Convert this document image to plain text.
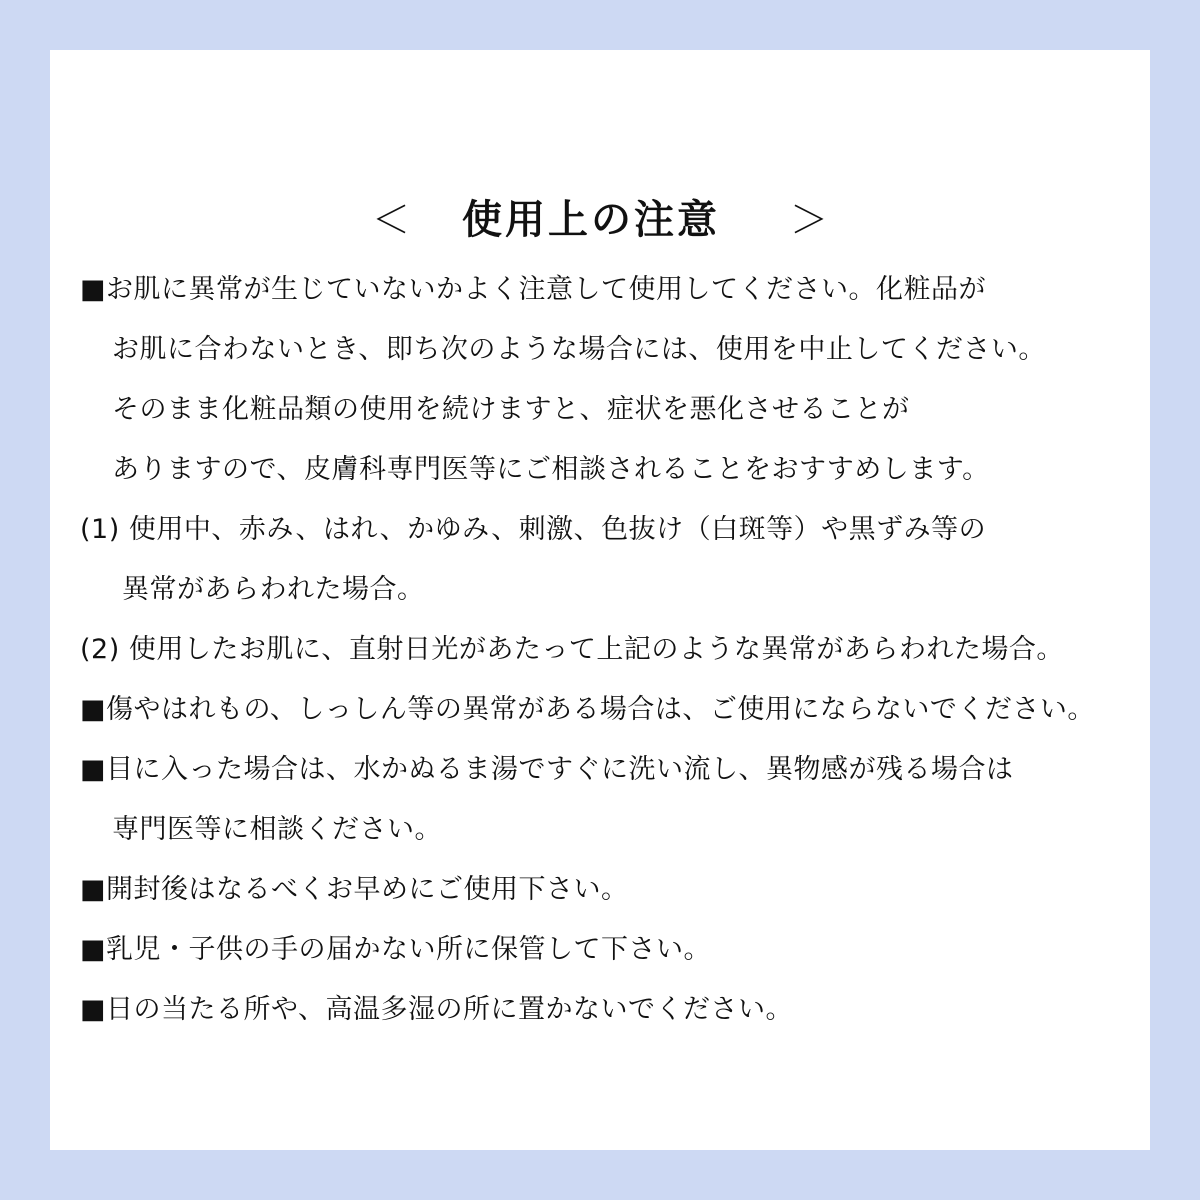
＜ 使用上の注意 ＞
■お肌に異常が生じていないかよく注意して使用してください。化粧品が
お肌に合わないとき、即ち次のような場合には、使用を中止してください。
そのまま化粧品類の使用を続けますと、症状を悪化させることが
ありますので、皮膚科専門医等にご相談されることをおすすめします。
(1) 使用中、赤み、はれ、かゆみ、刺激、色抜け（白斑等）や黒ずみ等の
異常があらわれた場合。
(2) 使用したお肌に、直射日光があたって上記のような異常があらわれた場合。
■傷やはれもの、しっしん等の異常がある場合は、ご使用にならないでください。
■目に入った場合は、水かぬるま湯ですぐに洗い流し、異物感が残る場合は
専門医等に相談ください。
■開封後はなるべくお早めにご使用下さい。
■乳児・子供の手の届かない所に保管して下さい。
■日の当たる所や、高温多湿の所に置かないでください。
